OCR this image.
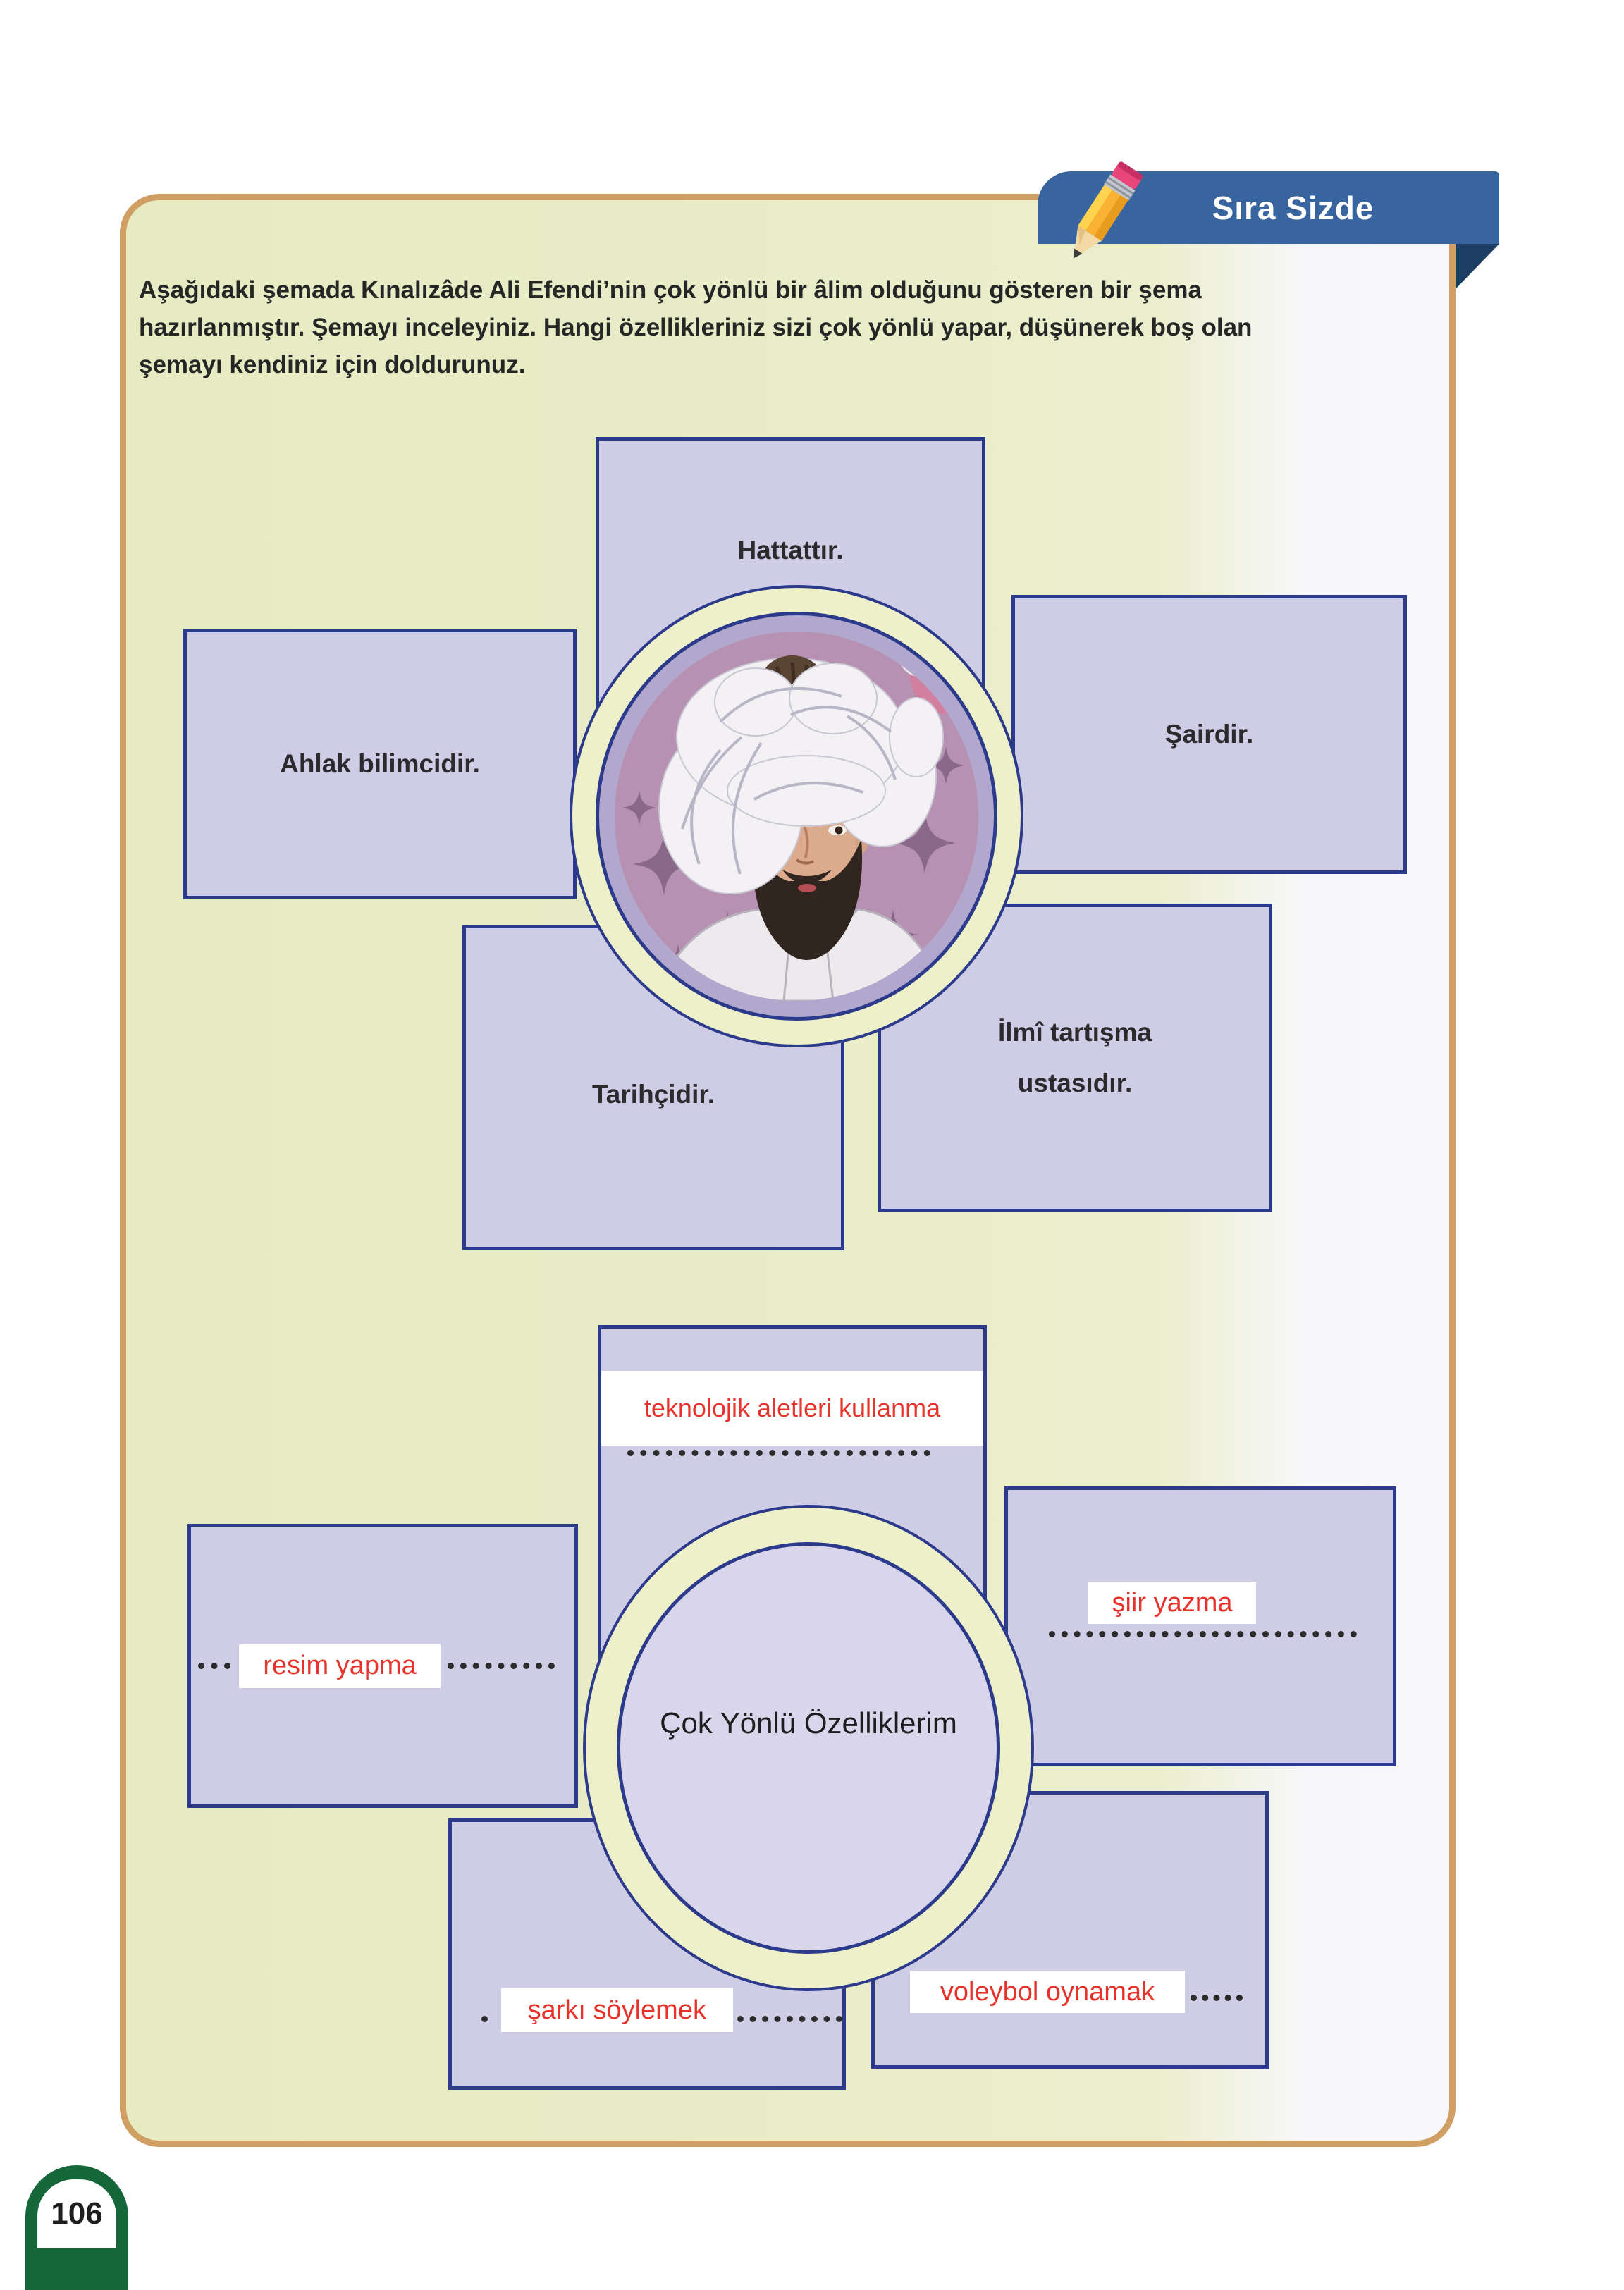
Sıra Sizde
Aşağıdaki şemada Kınalızâde Ali Efendi’nin çok yönlü bir âlim olduğunu gösteren bir şema
hazırlanmıştır. Şemayı inceleyiniz. Hangi özellikleriniz sizi çok yönlü yapar, düşünerek boş olan
şemayı kendiniz için doldurunuz.
Hattattır.
Ahlak bilimcidir.
Şairdir.
Tarihçidir.
İlmî tartışma ustasıdır.
teknolojik aletleri kullanma
şiir yazma
resim yapma
şarkı söylemek
voleybol oynamak
Çok Yönlü Özelliklerim
106
